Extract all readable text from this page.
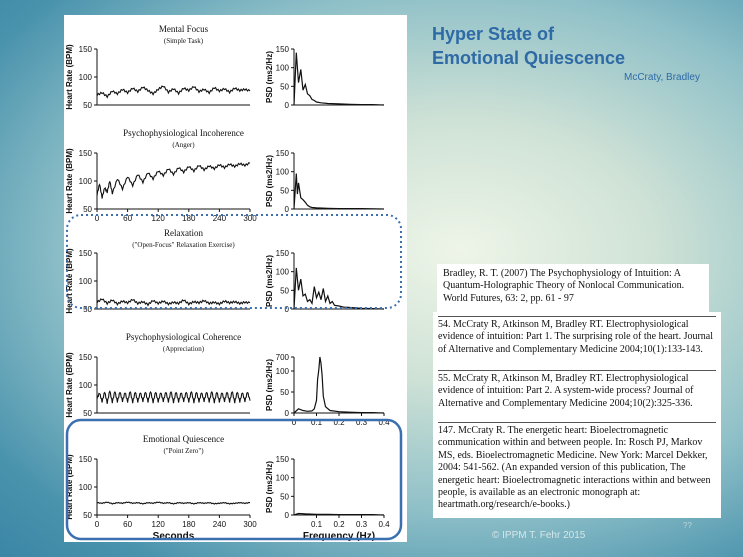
Mental Focus
(Simple Task)
50
100
150
Heart Rate (BPM)	0
50
100
150
PSD (ms2/Hz)
Psychophysiological Incoherence
(Anger)
50
100
150
0	60 120 180 240 300
Heart Rate (BPM)	0
50
100
150
PSD (ms2/Hz)
Relaxation
("Open-Focus" Relaxation Exercise)
50
100
150
Heart Rate (BPM)	0
50
100
150
PSD (ms2/Hz)
Psychophysiological Coherence
(Appreciation)
50
100
150
Heart Rate (BPM)	0
50
100
700
0 0.1 0.2 0.3 0.4
PSD (ms2/Hz)
Emotional Quiescence
("Point Zero")
50
100
150
0	60 120 180 240 300
Heart Rate (BPM)
Seconds
0
50
100
150
0.1 0.2 0.3 0.4
PSD (ms2/Hz)
Frequency (Hz)
Hyper State of
Emotional Quiescence
McCraty, Bradley
Bradley, R. T. (2007) The Psychophysiology of Intuition: A Quantum-Holographic Theory of Nonlocal Communication. World Futures, 63: 2, pp. 61 - 97
54. McCraty R, Atkinson M, Bradley RT. Electrophysiological evidence of intuition: Part 1. The surprising role of the heart. Journal of Alternative and Complementary Medicine 2004;10(1):133-143.
55. McCraty R, Atkinson M, Bradley RT. Electrophysiological evidence of intuition: Part 2. A system-wide process? Journal of Alternative and Complementary Medicine 2004;10(2):325-336.
147. McCraty R. The energetic heart: Bioelectromagnetic communication within and between people. In: Rosch PJ, Markov MS, eds. Bioelectromagnetic Medicine. New York: Marcel Dekker, 2004: 541-562. (An expanded version of this publication, The energetic heart: Bioelectromagnetic interactions within and between people, is available as an electronic monograph at: heartmath.org/research/e-books.)
© IPPM T. Fehr 2015
??
